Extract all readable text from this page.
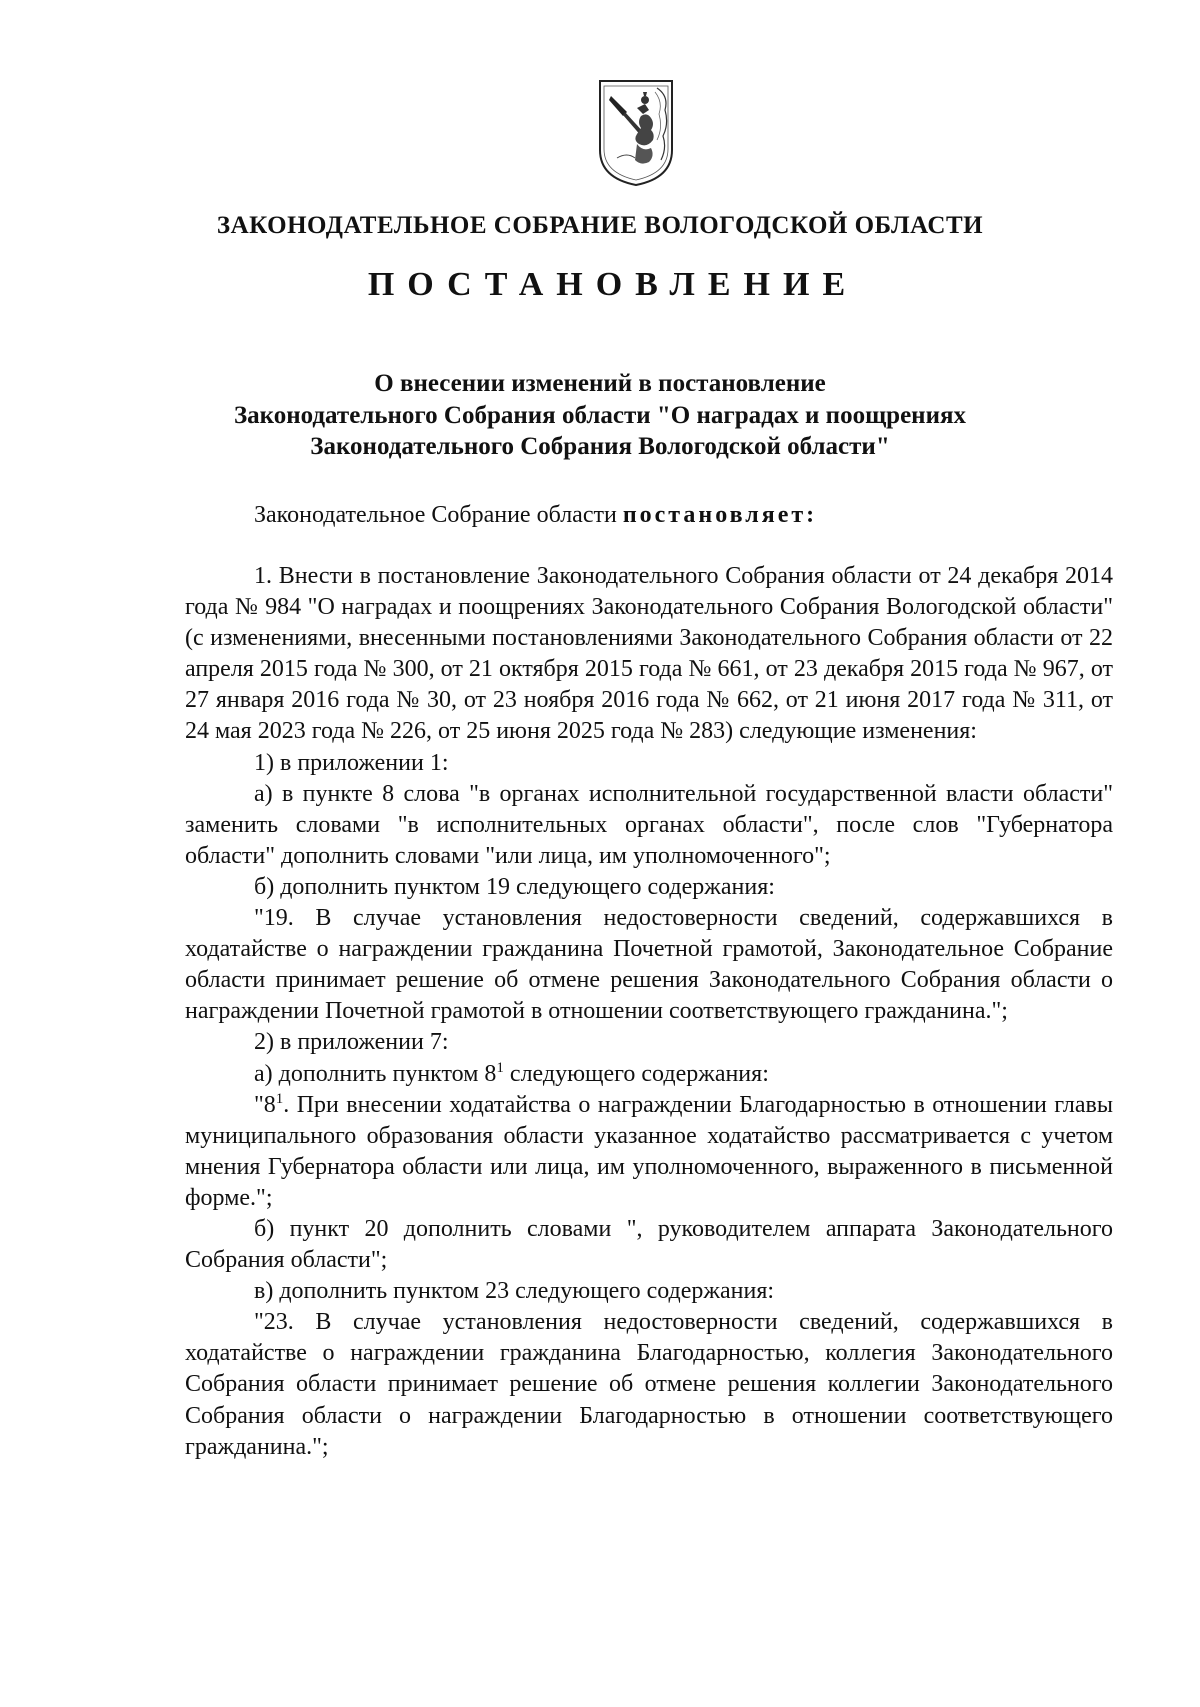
ЗАКОНОДАТЕЛЬНОЕ СОБРАНИЕ ВОЛОГОДСКОЙ ОБЛАСТИ
ПОСТАНОВЛЕНИЕ
О внесении изменений в постановление
Законодательного Собрания области "О наградах и поощрениях
Законодательного Собрания Вологодской области"
Законодательное Собрание области постановляет:

1. Внести в постановление Законодательного Собрания области от 24 декабря 2014 года № 984 "О наградах и поощрениях Законодательного Собрания Вологодской области" (с изменениями, внесенными постановлениями Законодательного Собрания области от 22 апреля 2015 года № 300, от 21 октября 2015 года № 661, от 23 декабря 2015 года № 967, от 27 января 2016 года № 30, от 23 ноября 2016 года № 662, от 21 июня 2017 года № 311, от 24 мая 2023 года № 226, от 25 июня 2025 года № 283) следующие изменения:

1) в приложении 1:

а) в пункте 8 слова "в органах исполнительной государственной власти области" заменить словами "в исполнительных органах области", после слов "Губернатора области" дополнить словами "или лица, им уполномоченного";

б) дополнить пунктом 19 следующего содержания:

"19. В случае установления недостоверности сведений, содержавшихся в ходатайстве о награждении гражданина Почетной грамотой, Законодательное Собрание области принимает решение об отмене решения Законодательного Собрания области о награждении Почетной грамотой в отношении соответствующего гражданина.";

2) в приложении 7:

а) дополнить пунктом $8^1$ следующего содержания:

"$8^1$. При внесении ходатайства о награждении Благодарностью в отношении главы муниципального образования области указанное ходатайство рассматривается с учетом мнения Губернатора области или лица, им уполномоченного, выраженного в письменной форме.";

б) пункт 20 дополнить словами ", руководителем аппарата Законодательного Собрания области";

в) дополнить пунктом 23 следующего содержания:

"23. В случае установления недостоверности сведений, содержавшихся в ходатайстве о награждении гражданина Благодарностью, коллегия Законодательного Собрания области принимает решение об отмене решения коллегии Законодательного Собрания области о награждении Благодарностью в отношении соответствующего гражданина.";
